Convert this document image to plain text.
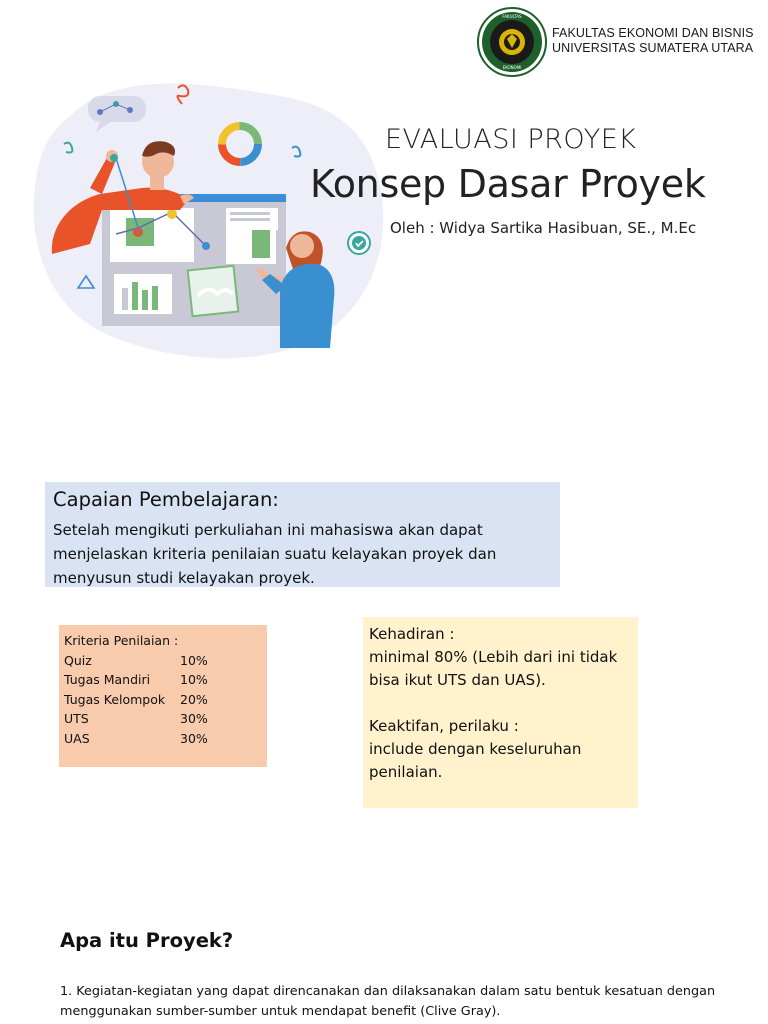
FAKULTAS
EKONOMI
FAKULTAS EKONOMI DAN BISNIS
UNIVERSITAS SUMATERA UTARA
EVALUASI PROYEK
Konsep Dasar Proyek
Oleh : Widya Sartika Hasibuan, SE., M.Ec
Capaian Pembelajaran:
Setelah mengikuti perkuliahan ini mahasiswa akan dapat
menjelaskan kriteria penilaian suatu kelayakan proyek dan
menyusun studi kelayakan proyek.
Kriteria Penilaian :
Quiz	10%
Tugas Mandiri	10%
Tugas Kelompok	20%
UTS	30%
UAS	30%
Kehadiran :
minimal 80% (Lebih dari ini tidak
bisa ikut UTS dan UAS).
Keaktifan, perilaku :
include dengan keseluruhan
penilaian.
Apa itu Proyek?
1. Kegiatan-kegiatan yang dapat direncanakan dan dilaksanakan dalam satu bentuk kesatuan dengan
menggunakan sumber-sumber untuk mendapat benefit (Clive Gray).
